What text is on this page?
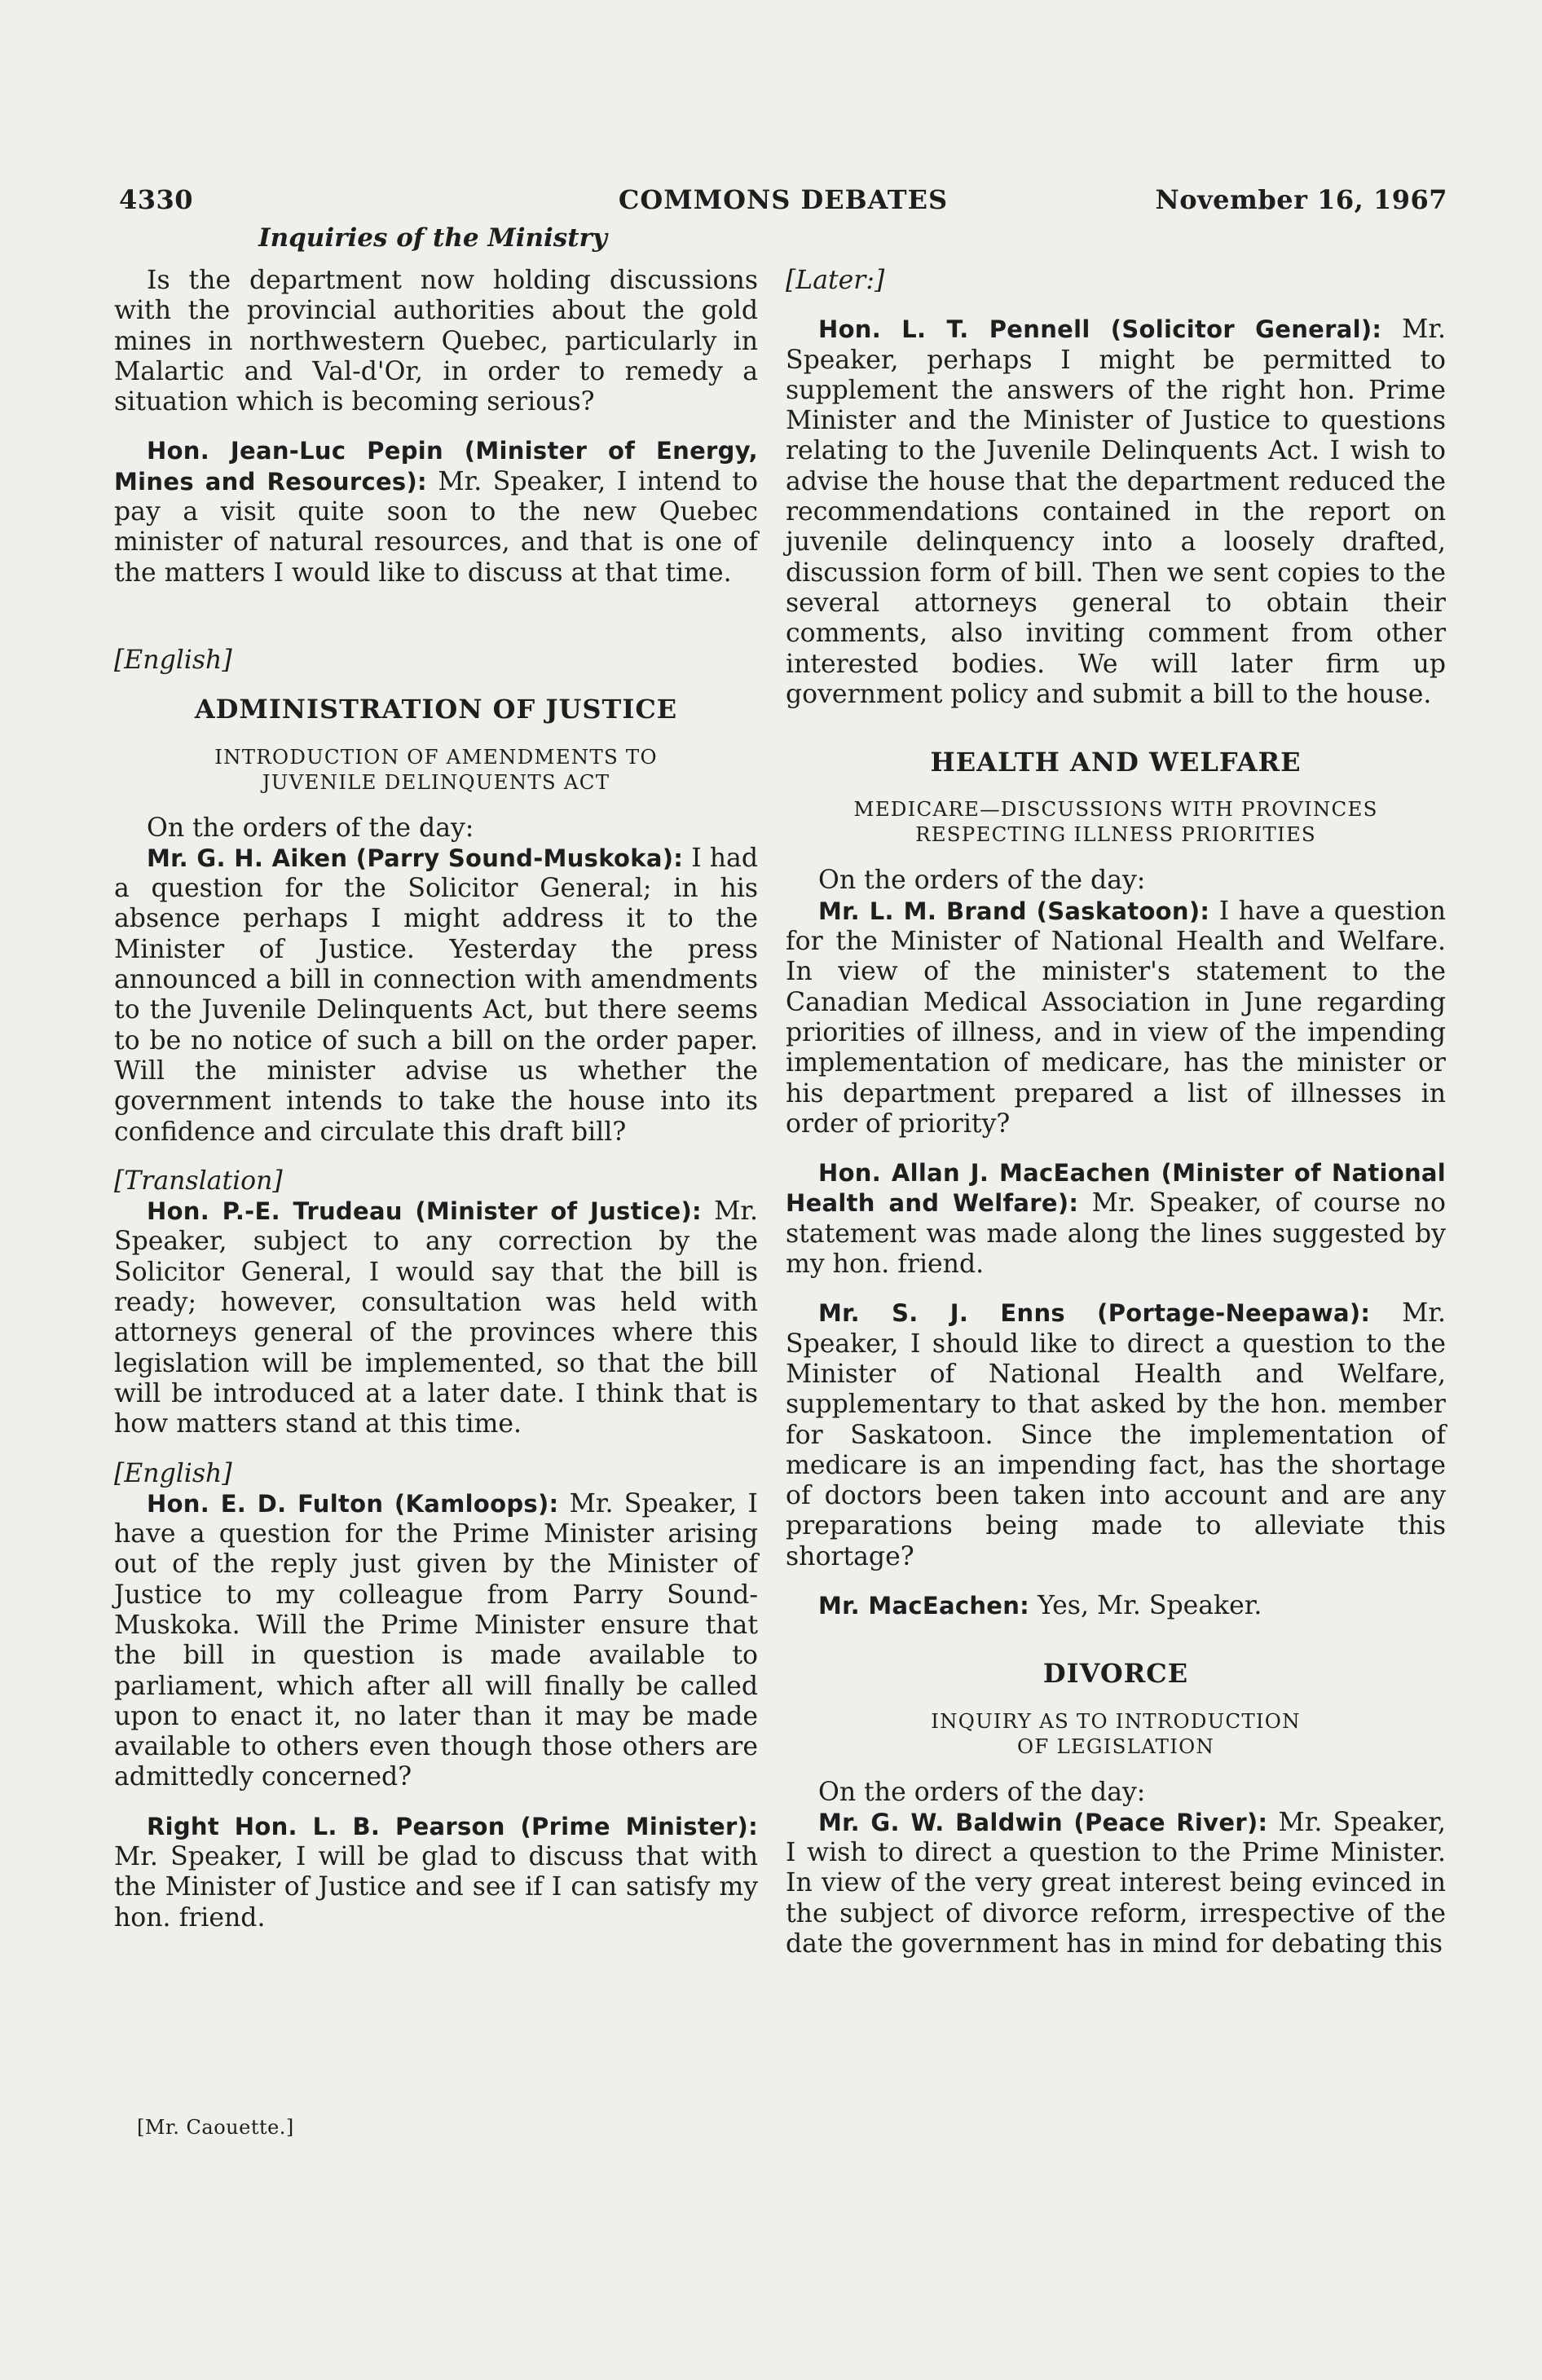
4330	COMMONS DEBATES	November 16, 1967
Inquiries of the Ministry

Is the department now holding discussions with the provincial authorities about the gold mines in northwestern Quebec, particularly in Malartic and Val-d'Or, in order to remedy a situation which is becoming serious?

Hon. Jean-Luc Pepin (Minister of Energy, Mines and Resources): Mr. Speaker, I intend to pay a visit quite soon to the new Quebec minister of natural resources, and that is one of the matters I would like to discuss at that time.

[English]

ADMINISTRATION OF JUSTICE

INTRODUCTION OF AMENDMENTS TO

JUVENILE DELINQUENTS ACT

On the orders of the day:

Mr. G. H. Aiken (Parry Sound-Muskoka): I had a question for the Solicitor General; in his absence perhaps I might address it to the Minister of Justice. Yesterday the press announced a bill in connection with amendments to the Juvenile Delinquents Act, but there seems to be no notice of such a bill on the order paper. Will the minister advise us whether the government intends to take the house into its confidence and circulate this draft bill?

[Translation]

Hon. P.-E. Trudeau (Minister of Justice): Mr. Speaker, subject to any correction by the Solicitor General, I would say that the bill is ready; however, consultation was held with attorneys general of the provinces where this legislation will be implemented, so that the bill will be introduced at a later date. I think that is how matters stand at this time.

[English]

Hon. E. D. Fulton (Kamloops): Mr. Speaker, I have a question for the Prime Minister arising out of the reply just given by the Minister of Justice to my colleague from Parry Sound-Muskoka. Will the Prime Minister ensure that the bill in question is made available to parliament, which after all will finally be called upon to enact it, no later than it may be made available to others even though those others are admittedly concerned?

Right Hon. L. B. Pearson (Prime Minister): Mr. Speaker, I will be glad to discuss that with the Minister of Justice and see if I can satisfy my hon. friend.

[Mr. Caouette.]

[Later:]

Hon. L. T. Pennell (Solicitor General): Mr. Speaker, perhaps I might be permitted to supplement the answers of the right hon. Prime Minister and the Minister of Justice to questions relating to the Juvenile Delinquents Act. I wish to advise the house that the department reduced the recommendations contained in the report on juvenile delinquency into a loosely drafted, discussion form of bill. Then we sent copies to the several attorneys general to obtain their comments, also inviting comment from other interested bodies. We will later firm up government policy and submit a bill to the house.

HEALTH AND WELFARE

MEDICARE—DISCUSSIONS WITH PROVINCES

RESPECTING ILLNESS PRIORITIES

On the orders of the day:

Mr. L. M. Brand (Saskatoon): I have a question for the Minister of National Health and Welfare. In view of the minister's statement to the Canadian Medical Association in June regarding priorities of illness, and in view of the impending implementation of medicare, has the minister or his department prepared a list of illnesses in order of priority?

Hon. Allan J. MacEachen (Minister of National Health and Welfare): Mr. Speaker, of course no statement was made along the lines suggested by my hon. friend.

Mr. S. J. Enns (Portage-Neepawa): Mr. Speaker, I should like to direct a question to the Minister of National Health and Welfare, supplementary to that asked by the hon. member for Saskatoon. Since the implementation of medicare is an impending fact, has the shortage of doctors been taken into account and are any preparations being made to alleviate this shortage?

Mr. MacEachen: Yes, Mr. Speaker.

DIVORCE

INQUIRY AS TO INTRODUCTION

OF LEGISLATION

On the orders of the day:

Mr. G. W. Baldwin (Peace River): Mr. Speaker, I wish to direct a question to the Prime Minister. In view of the very great interest being evinced in the subject of divorce reform, irrespective of the date the government has in mind for debating this
